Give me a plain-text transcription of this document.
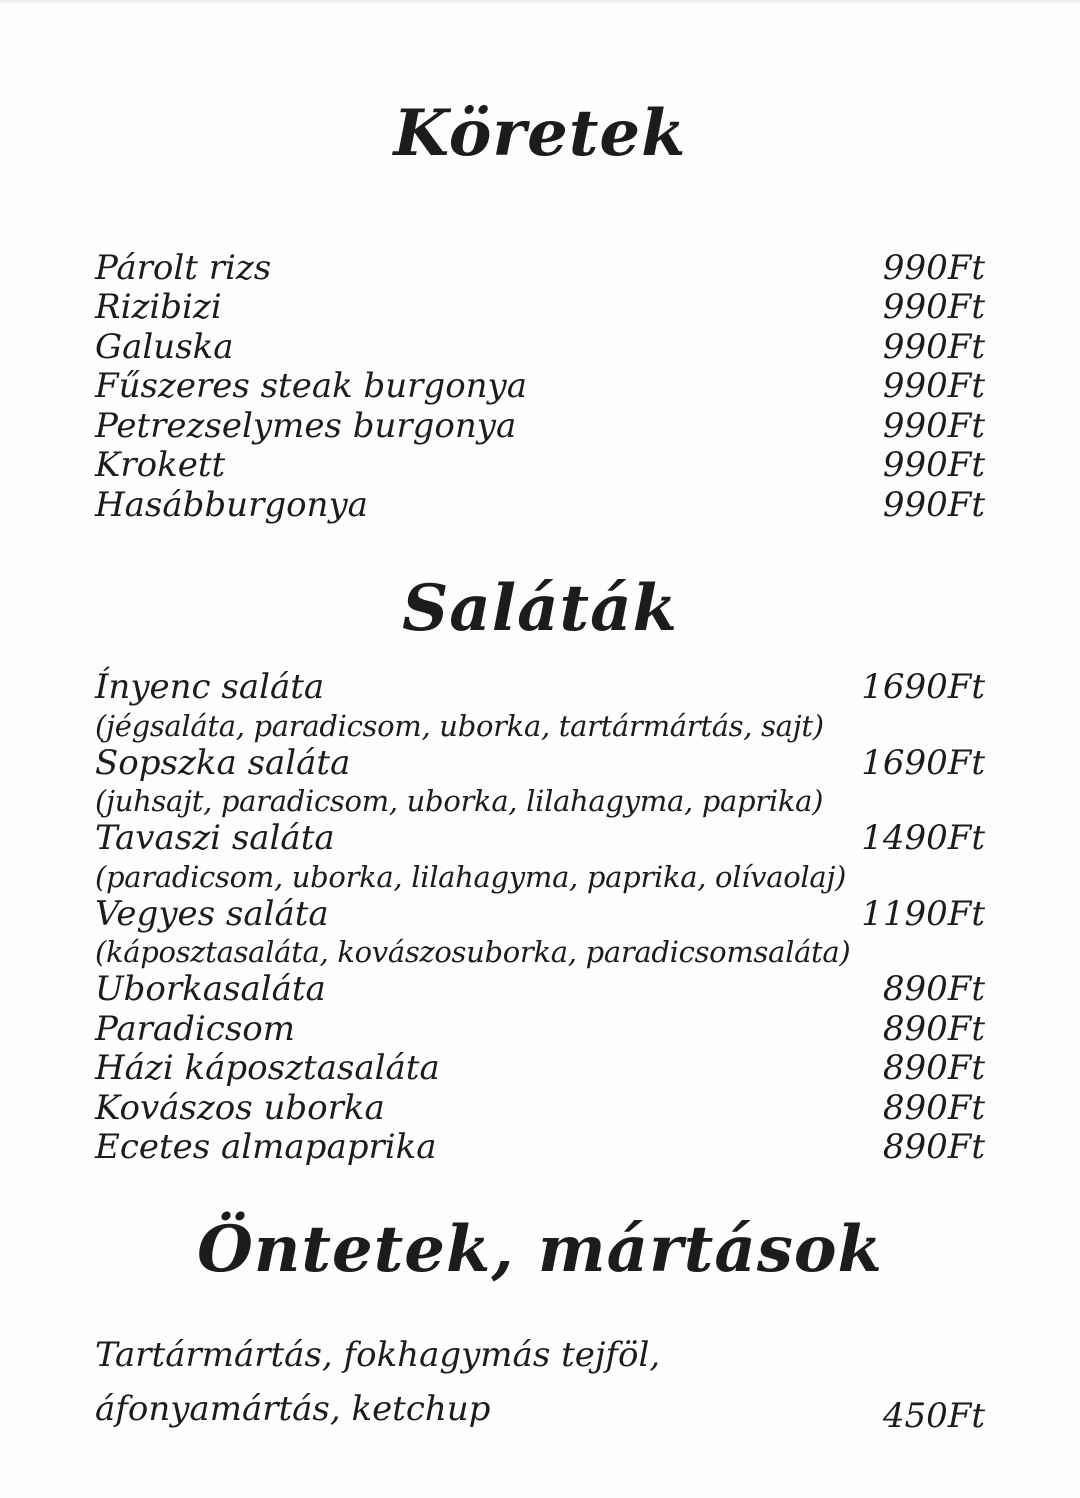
Köretek
Párolt rizs	990Ft
Rizibizi	990Ft
Galuska	990Ft
Fűszeres steak burgonya	990Ft
Petrezselymes burgonya	990Ft
Krokett	990Ft
Hasábburgonya	990Ft
Saláták
Ínyenc saláta	1690Ft
(jégsaláta, paradicsom, uborka, tartármártás, sajt)
Sopszka saláta	1690Ft
(juhsajt, paradicsom, uborka, lilahagyma, paprika)
Tavaszi saláta	1490Ft
(paradicsom, uborka, lilahagyma, paprika, olívaolaj)
Vegyes saláta	1190Ft
(káposztasaláta, kovászosuborka, paradicsomsaláta)
Uborkasaláta	890Ft
Paradicsom	890Ft
Házi káposztasaláta	890Ft
Kovászos uborka	890Ft
Ecetes almapaprika	890Ft
Öntetek, mártások
Tartármártás, fokhagymás tejföl,
áfonyamártás, ketchup	450Ft
